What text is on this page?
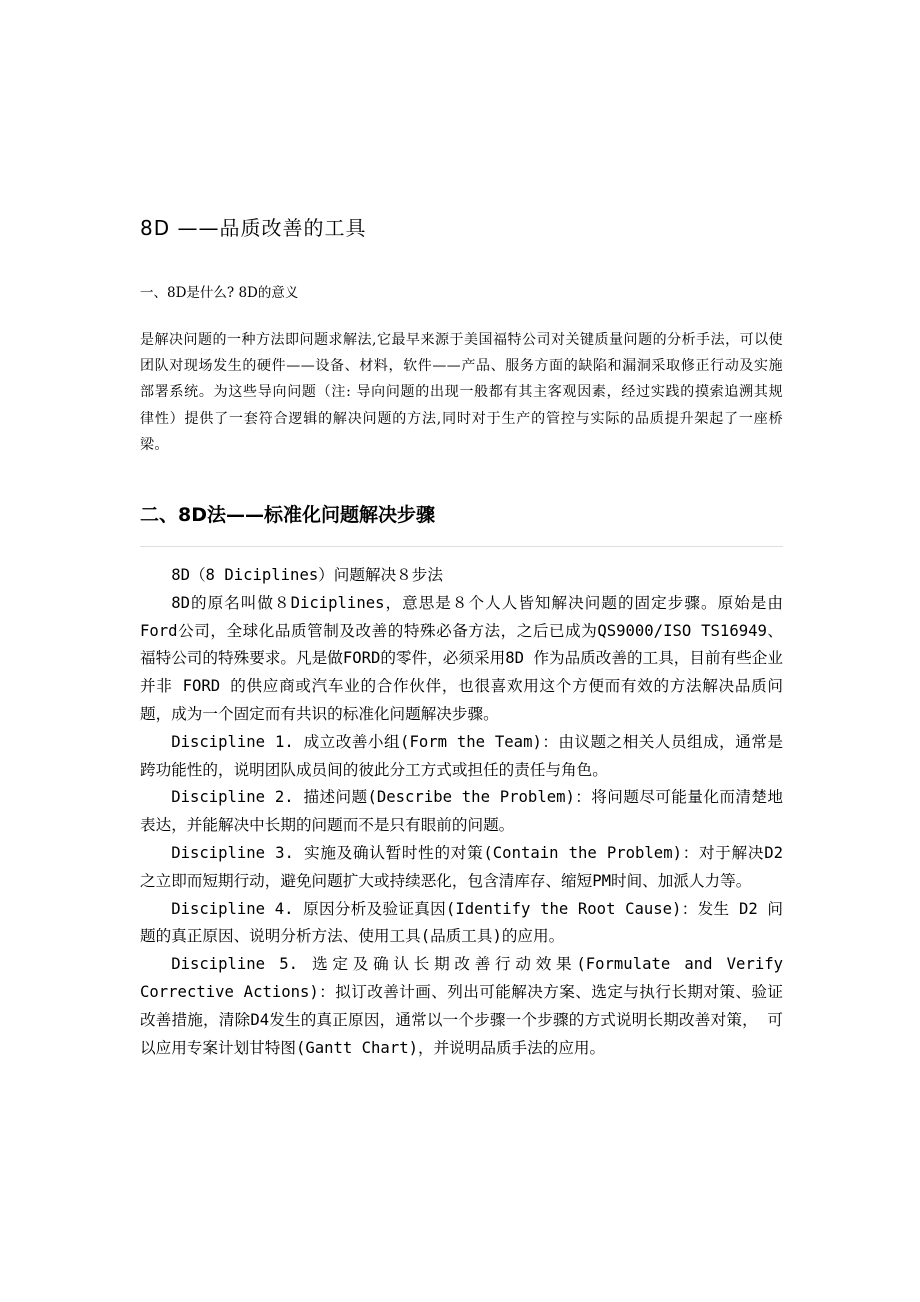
8D ——品质改善的工具
一、8D是什么? 8D的意义

是解决问题的一种方法即问题求解法,它最早来源于美国福特公司对关键质量问题的分析手法，可以使团队对现场发生的硬件——设备、材料，软件——产品、服务方面的缺陷和漏洞采取修正行动及实施部署系统。为这些导向问题（注: 导向问题的出现一般都有其主客观因素，经过实践的摸索追溯其规律性）提供了一套符合逻辑的解决问题的方法,同时对于生产的管控与实际的品质提升架起了一座桥梁。

二、8D法——标准化问题解决步骤

8D（8 Diciplines）问题解决８步法

8D的原名叫做８Diciplines，意思是８个人人皆知解决问题的固定步骤。原始是由Ford公司，全球化品质管制及改善的特殊必备方法，之后已成为QS9000/ISO TS16949、福特公司的特殊要求。凡是做FORD的零件，必须采用8D 作为品质改善的工具，目前有些企业并非 FORD 的供应商或汽车业的合作伙伴，也很喜欢用这个方便而有效的方法解决品质问题，成为一个固定而有共识的标准化问题解决步骤。

Discipline 1. 成立改善小组(Form the Team)：由议题之相关人员组成，通常是跨功能性的，说明团队成员间的彼此分工方式或担任的责任与角色。

Discipline 2. 描述问题(Describe the Problem)：将问题尽可能量化而清楚地表达，并能解决中长期的问题而不是只有眼前的问题。

Discipline 3. 实施及确认暂时性的对策(Contain the Problem)：对于解决D2之立即而短期行动，避免问题扩大或持续恶化，包含清库存、缩短PM时间、加派人力等。

Discipline 4. 原因分析及验证真因(Identify the Root Cause)：发生 D2 问题的真正原因、说明分析方法、使用工具(品质工具)的应用。

Discipline 5. 选定及确认长期改善行动效果(Formulate and Verify Corrective Actions)：拟订改善计画、列出可能解决方案、选定与执行长期对策、验证改善措施，清除D4发生的真正原因，通常以一个步骤一个步骤的方式说明长期改善对策， 可以应用专案计划甘特图(Gantt Chart)，并说明品质手法的应用。
